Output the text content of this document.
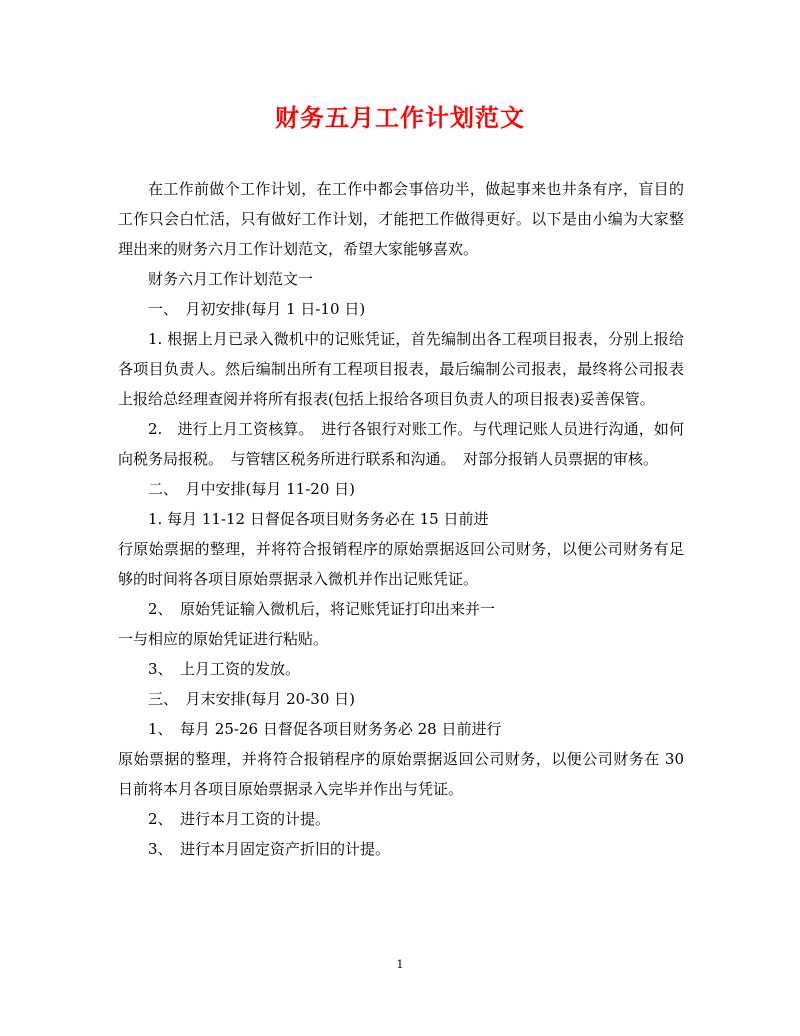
财务五月工作计划范文

在工作前做个工作计划，在工作中都会事倍功半，做起事来也井条有序，盲目的工作只会白忙活，只有做好工作计划，才能把工作做得更好。以下是由小编为大家整理出来的财务六月工作计划范文，希望大家能够喜欢。

财务六月工作计划范文一

一、　月初安排(每月 1 日-10 日)

1. 根据上月已录入微机中的记账凭证，首先编制出各工程项目报表，分别上报给各项目负责人。然后编制出所有工程项目报表，最后编制公司报表，最终将公司报表上报给总经理查阅并将所有报表(包括上报给各项目负责人的项目报表)妥善保管。

2.　进行上月工资核算。　进行各银行对账工作。与代理记账人员进行沟通，如何向税务局报税。　与管辖区税务所进行联系和沟通。　对部分报销人员票据的审核。

二、　月中安排(每月 11-20 日)

1. 每月 11-12 日督促各项目财务务必在 15 日前进

行原始票据的整理，并将符合报销程序的原始票据返回公司财务，以便公司财务有足够的时间将各项目原始票据录入微机并作出记账凭证。

2、　原始凭证输入微机后，将记账凭证打印出来并一

一与相应的原始凭证进行粘贴。

3、　上月工资的发放。

三、　月末安排(每月 20-30 日)

1、　每月 25-26 日督促各项目财务务必 28 日前进行

原始票据的整理，并将符合报销程序的原始票据返回公司财务，以便公司财务在 30 日前将本月各项目原始票据录入完毕并作出与凭证。

2、　进行本月工资的计提。

3、　进行本月固定资产折旧的计提。

1
